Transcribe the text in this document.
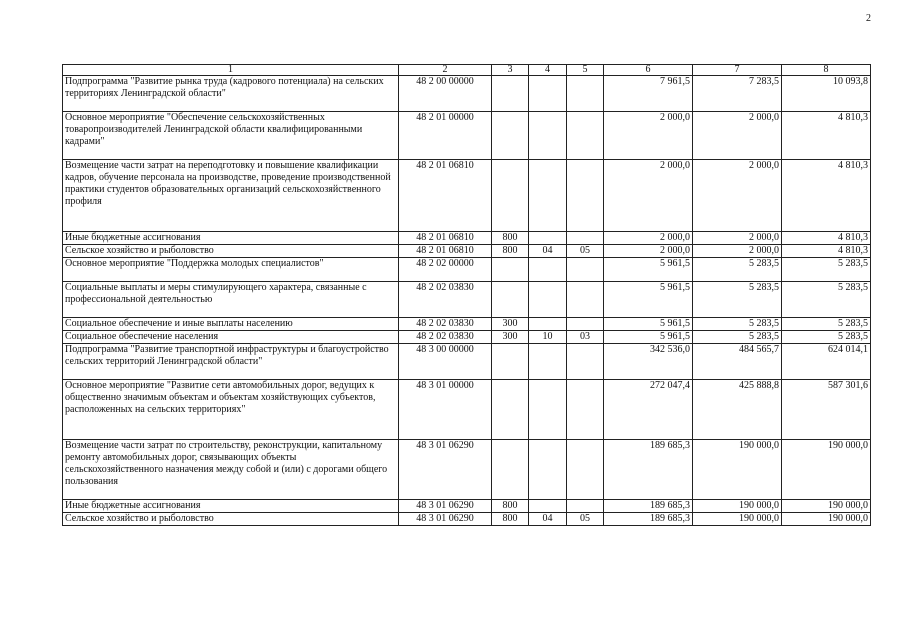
2
1	2	3	4	5	6	7	8
Подпрограмма "Развитие рынка труда (кадрового потенциала) на сельских территориях Ленинградской области"	48 2 00 00000				7 961,5	7 283,5	10 093,8
Основное мероприятие "Обеспечение сельскохозяйственных товаропроизводителей Ленинградской области квалифицированными кадрами"	48 2 01 00000				2 000,0	2 000,0	4 810,3
Возмещение части затрат на переподготовку и повышение квалификации кадров, обучение персонала на производстве, проведение производственной практики студентов образовательных организаций сельскохозяйственного профиля	48 2 01 06810				2 000,0	2 000,0	4 810,3
Иные бюджетные ассигнования	48 2 01 06810	800			2 000,0	2 000,0	4 810,3
Сельское хозяйство и рыболовство	48 2 01 06810	800	04	05	2 000,0	2 000,0	4 810,3
Основное мероприятие "Поддержка молодых специалистов"	48 2 02 00000				5 961,5	5 283,5	5 283,5
Социальные выплаты и меры стимулирующего характера, связанные с профессиональной деятельностью	48 2 02 03830				5 961,5	5 283,5	5 283,5
Социальное обеспечение и иные выплаты населению	48 2 02 03830	300			5 961,5	5 283,5	5 283,5
Социальное обеспечение населения	48 2 02 03830	300	10	03	5 961,5	5 283,5	5 283,5
Подпрограмма "Развитие транспортной инфраструктуры и благоустройство сельских территорий Ленинградской области"	48 3 00 00000				342 536,0	484 565,7	624 014,1
Основное мероприятие "Развитие сети автомобильных дорог, ведущих к общественно значимым объектам и объектам хозяйствующих субъектов, расположенных на сельских территориях"	48 3 01 00000				272 047,4	425 888,8	587 301,6
Возмещение части затрат по строительству, реконструкции, капитальному ремонту автомобильных дорог, связывающих объекты сельскохозяйственного назначения между собой и (или) с дорогами общего пользования	48 3 01 06290				189 685,3	190 000,0	190 000,0
Иные бюджетные ассигнования	48 3 01 06290	800			189 685,3	190 000,0	190 000,0
Сельское хозяйство и рыболовство	48 3 01 06290	800	04	05	189 685,3	190 000,0	190 000,0
